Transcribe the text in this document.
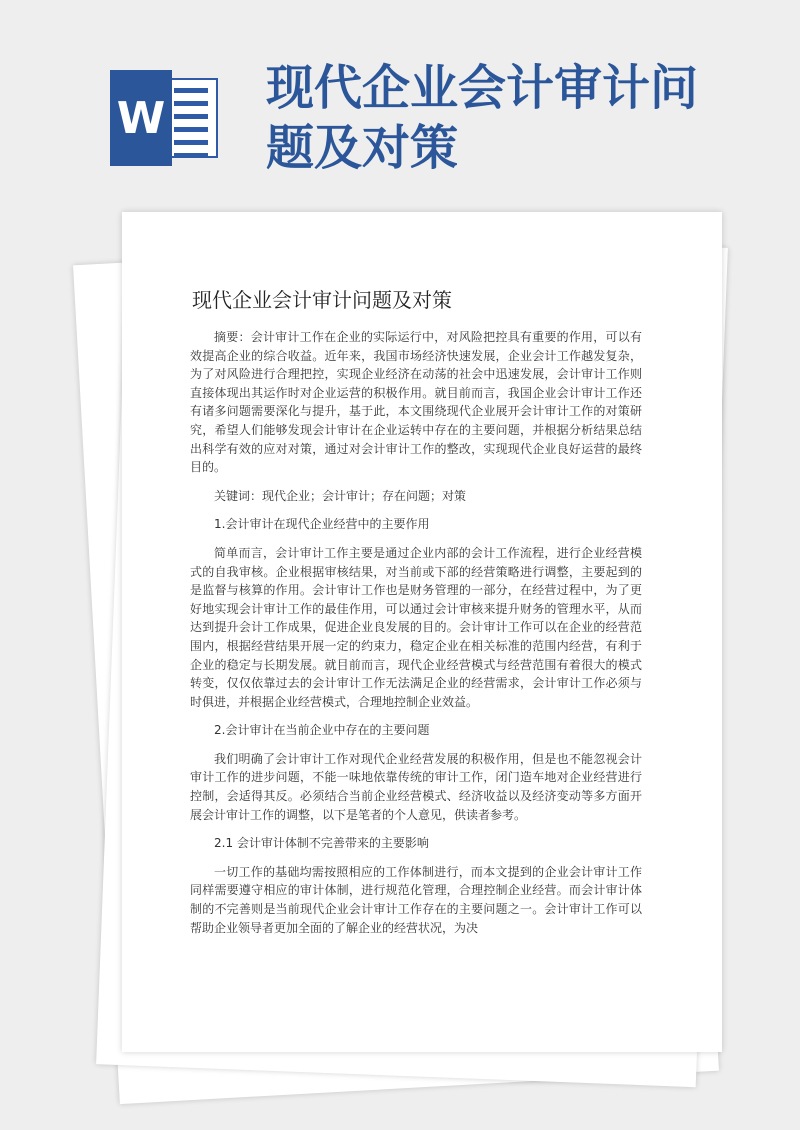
W
现代企业会计审计问题及对策
现代企业会计审计问题及对策

摘要：会计审计工作在企业的实际运行中，对风险把控具有重要的作用，可以有效提高企业的综合收益。近年来，我国市场经济快速发展，企业会计工作越发复杂，为了对风险进行合理把控，实现企业经济在动荡的社会中迅速发展，会计审计工作则直接体现出其运作时对企业运营的积极作用。就目前而言，我国企业会计审计工作还有诸多问题需要深化与提升，基于此，本文围绕现代企业展开会计审计工作的对策研究，希望人们能够发现会计审计在企业运转中存在的主要问题，并根据分析结果总结出科学有效的应对对策，通过对会计审计工作的整改，实现现代企业良好运营的最终目的。

关键词：现代企业；会计审计；存在问题；对策

1.会计审计在现代企业经营中的主要作用

简单而言，会计审计工作主要是通过企业内部的会计工作流程，进行企业经营模式的自我审核。企业根据审核结果，对当前或下部的经营策略进行调整，主要起到的是监督与核算的作用。会计审计工作也是财务管理的一部分，在经营过程中，为了更好地实现会计审计工作的最佳作用，可以通过会计审核来提升财务的管理水平，从而达到提升会计工作成果，促进企业良发展的目的。会计审计工作可以在企业的经营范围内，根据经营结果开展一定的约束力，稳定企业在相关标准的范围内经营，有利于企业的稳定与长期发展。就目前而言，现代企业经营模式与经营范围有着很大的模式转变，仅仅依靠过去的会计审计工作无法满足企业的经营需求，会计审计工作必须与时俱进，并根据企业经营模式，合理地控制企业效益。

2.会计审计在当前企业中存在的主要问题

我们明确了会计审计工作对现代企业经营发展的积极作用，但是也不能忽视会计审计工作的进步问题，不能一味地依靠传统的审计工作，闭门造车地对企业经营进行控制，会适得其反。必须结合当前企业经营模式、经济收益以及经济变动等多方面开展会计审计工作的调整，以下是笔者的个人意见，供读者参考。

2.1 会计审计体制不完善带来的主要影响

一切工作的基础均需按照相应的工作体制进行，而本文提到的企业会计审计工作同样需要遵守相应的审计体制，进行规范化管理，合理控制企业经营。而会计审计体制的不完善则是当前现代企业会计审计工作存在的主要问题之一。会计审计工作可以帮助企业领导者更加全面的了解企业的经营状况，为决
